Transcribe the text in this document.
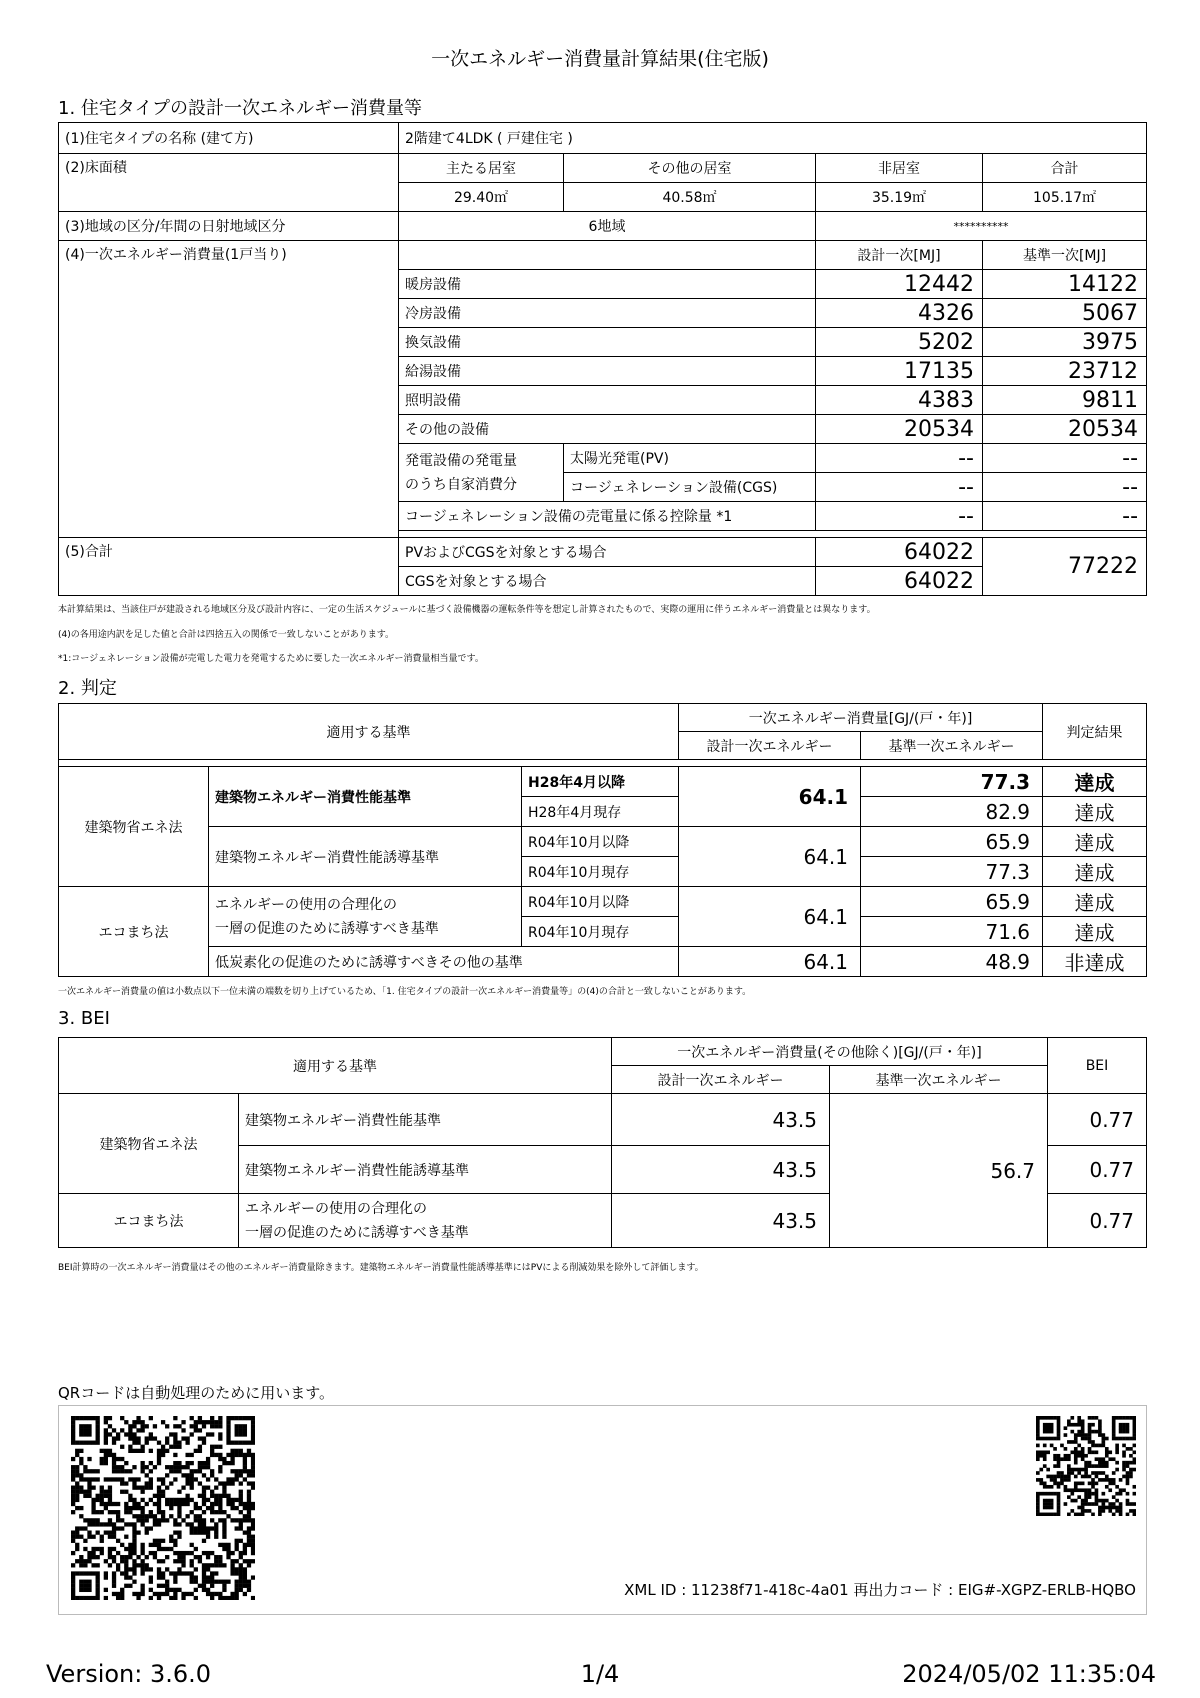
一次エネルギー消費量計算結果(住宅版)
1. 住宅タイプの設計一次エネルギー消費量等
(1)住宅タイプの名称 (建て方)	2階建て4LDK ( 戸建住宅 )			
(2)床面積	主たる居室	その他の居室	非居室	合計
	29.40㎡	40.58㎡	35.19㎡	105.17㎡
(3)地域の区分/年間の日射地域区分	6地域		**********	
(4)一次エネルギー消費量(1戸当り)			設計一次[MJ]	基準一次[MJ]
	暖房設備		12442	14122
	冷房設備		4326	5067
	換気設備		5202	3975
	給湯設備		17135	23712
	照明設備		4383	9811
	その他の設備		20534	20534

	発電設備の発電量
のうち自家消費分	太陽光発電(PV)	--	--
		コージェネレーション設備(CGS)	--	--
	コージェネレーション設備の売電量に係る控除量 *1		--	--

(5)合計	PVおよびCGSを対象とする場合		64022	77222
	CGSを対象とする場合		64022	
本計算結果は、当該住戸が建設される地域区分及び設計内容に、一定の生活スケジュールに基づく設備機器の運転条件等を想定し計算されたもので、実際の運用に伴うエネルギー消費量とは異なります。
(4)の各用途内訳を足した値と合計は四捨五入の関係で一致しないことがあります。
*1:コージェネレーション設備が売電した電力を発電するために要した一次エネルギー消費量相当量です。
2. 判定
適用する基準			一次エネルギー消費量[GJ/(戸・年)]		判定結果
			設計一次エネルギー	基準一次エネルギー	

建築物省エネ法	建築物エネルギー消費性能基準	H28年4月以降	64.1	77.3	達成
		H28年4月現存		82.9	達成
	建築物エネルギー消費性能誘導基準	R04年10月以降	64.1	65.9	達成
		R04年10月現存		77.3	達成
エコまち法	エネルギーの使用の合理化の
一層の促進のために誘導すべき基準	R04年10月以降	64.1	65.9	達成
		R04年10月現存		71.6	達成
	低炭素化の促進のために誘導すべきその他の基準		64.1	48.9	非達成
一次エネルギー消費量の値は小数点以下一位未満の端数を切り上げているため、「1. 住宅タイプの設計一次エネルギー消費量等」の(4)の合計と一致しないことがあります。
3. BEI
適用する基準		一次エネルギー消費量(その他除く)[GJ/(戸・年)]		BEI
		設計一次エネルギー	基準一次エネルギー	
建築物省エネ法	建築物エネルギー消費性能基準	43.5	56.7	0.77
	建築物エネルギー消費性能誘導基準	43.5		0.77
エコまち法	エネルギーの使用の合理化の
一層の促進のために誘導すべき基準	43.5		0.77
BEI計算時の一次エネルギー消費量はその他のエネルギー消費量除きます。建築物エネルギー消費量性能誘導基準にはPVによる削減効果を除外して評価します。
QRコードは自動処理のために用います。
XML ID : 11238f71-418c-4a01 再出力コード : EIG#-XGPZ-ERLB-HQBO
Version: 3.6.0	1/4	2024/05/02 11:35:04
